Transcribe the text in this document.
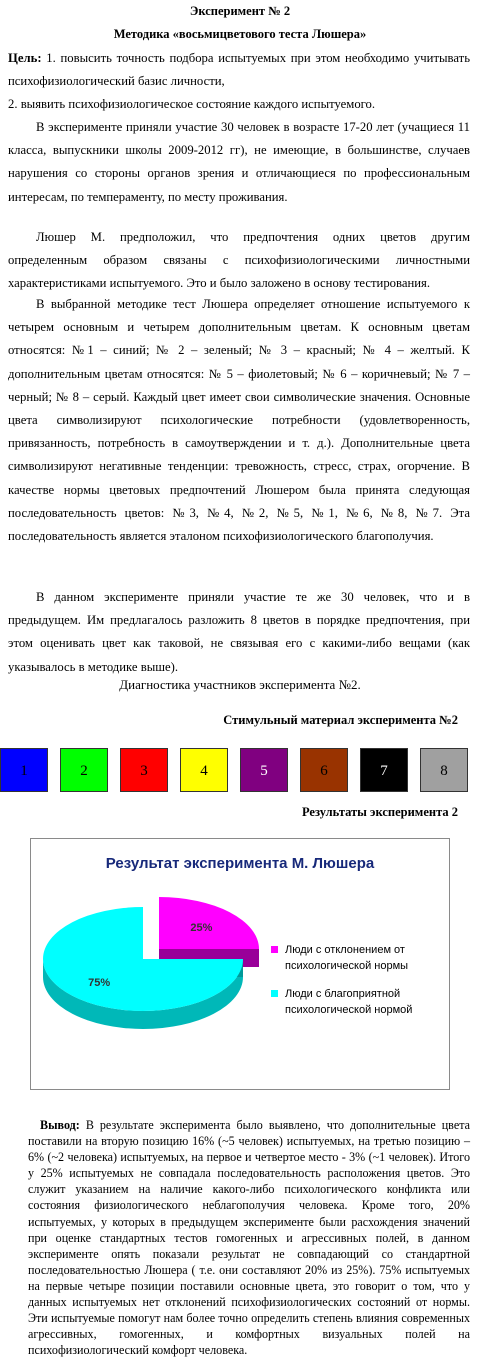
Эксперимент № 2
Методика «восьмицветового теста Люшера»

Цель: 1. повысить точность подбора испытуемых при этом необходимо учитывать психофизиологический базис личности,

2. выявить психофизиологическое состояние каждого испытуемого.

В эксперименте приняли участие 30 человек в возрасте 17-20 лет (учащиеся 11 класса, выпускники школы 2009-2012 гг), не имеющие, в большинстве, случаев нарушения со стороны органов зрения и отличающиеся по профессиональным интересам, по темпераменту, по месту проживания.

Люшер М. предположил, что предпочтения одних цветов другим определенным образом связаны с психофизиологическими личностными характеристиками испытуемого. Это и было заложено в основу тестирования.

В выбранной методике тест Люшера определяет отношение испытуемого к четырем основным и четырем дополнительным цветам. К основным цветам относятся: №1 – синий; № 2 – зеленый; № 3 – красный; № 4 – желтый. К дополнительным цветам относятся: № 5 – фиолетовый; № 6 – коричневый; № 7 – черный; № 8 – серый. Каждый цвет имеет свои символические значения. Основные цвета символизируют психологические потребности (удовлетворенность, привязанность, потребность в самоутверждении и т. д.). Дополнительные цвета символизируют негативные тенденции: тревожность, стресс, страх, огорчение. В качестве нормы цветовых предпочтений Люшером была принята следующая последовательность цветов: №3, №4, №2, №5, №1, №6, №8, №7. Эта последовательность является эталоном психофизиологического благополучия.

В данном эксперименте приняли участие те же 30 человек, что и в предыдущем. Им предлагалось разложить 8 цветов в порядке предпочтения, при этом оценивать цвет как таковой, не связывая его с какими-либо вещами (как указывалось в методике выше).

Диагностика участников эксперимента №2.
Стимульный материал эксперимента №2
1	2	3	4	5	6	7	8
Результаты эксперимента 2
Результат эксперимента М. Люшера
25%
75%
Люди с отклонением от психологической нормы
Люди с благоприятной психологической нормой

Вывод: В результате эксперимента было выявлено, что дополнительные цвета поставили на вторую позицию 16% (~5 человек) испытуемых, на третью позицию – 6% (~2 человека) испытуемых, на первое и четвертое место - 3% (~1 человек). Итого у 25% испытуемых не совпадала последовательность расположения цветов. Это служит указанием на наличие какого-либо психологического конфликта или состояния физиологического неблагополучия человека. Кроме того, 20% испытуемых, у которых в предыдущем эксперименте были расхождения значений при оценке стандартных тестов гомогенных и агрессивных полей, в данном эксперименте опять показали результат не совпадающий со стандартной последовательностью Люшера ( т.е. они составляют 20% из 25%). 75% испытуемых на первые четыре позиции поставили основные цвета, это говорит о том, что у данных испытуемых нет отклонений психофизиологических состояний от нормы. Эти испытуемые помогут нам более точно определить степень влияния современных агрессивных, гомогенных, и комфортных визуальных полей на психофизиологический комфорт человека.
